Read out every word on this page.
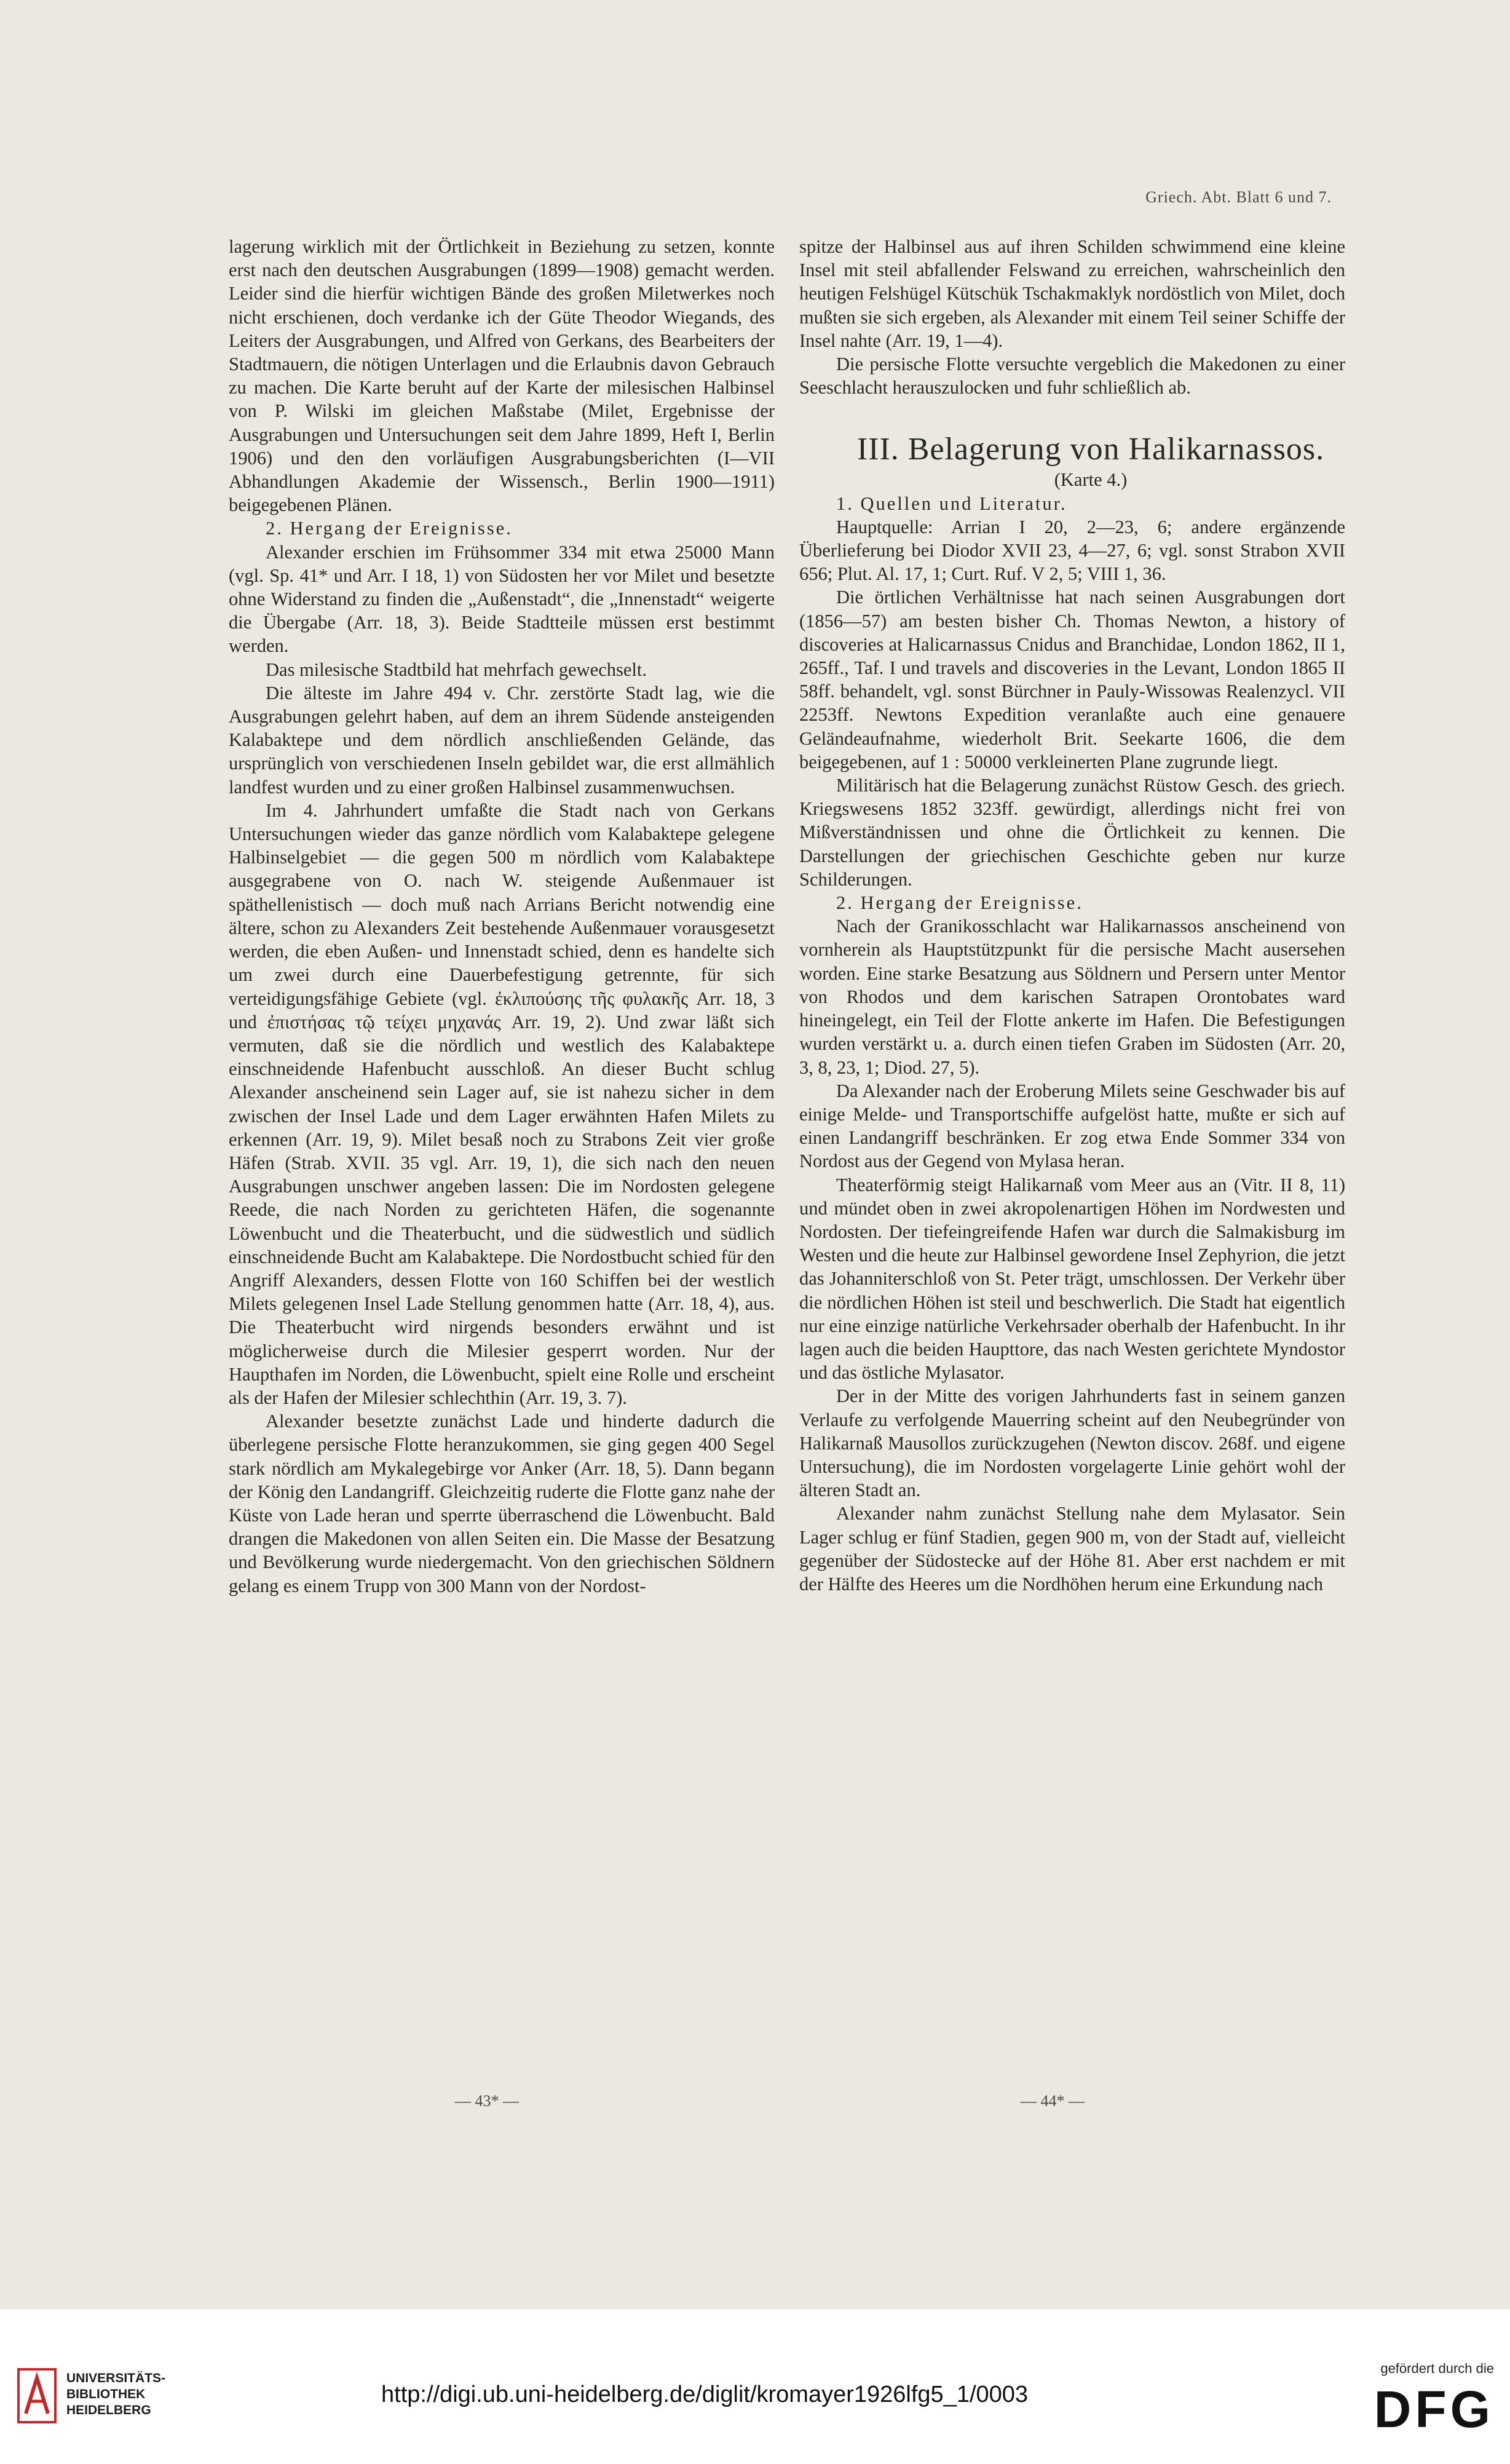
Griech. Abt. Blatt 6 und 7.

lagerung wirklich mit der Örtlichkeit in Beziehung zu setzen, konnte erst nach den deutschen Ausgrabungen (1899—1908) gemacht werden. Leider sind die hierfür wichtigen Bände des großen Miletwerkes noch nicht erschienen, doch verdanke ich der Güte Theodor Wiegands, des Leiters der Ausgrabungen, und Alfred von Gerkans, des Bearbeiters der Stadtmauern, die nötigen Unterlagen und die Erlaubnis davon Gebrauch zu machen. Die Karte beruht auf der Karte der milesischen Halbinsel von P. Wilski im gleichen Maßstabe (Milet, Ergebnisse der Ausgrabungen und Untersuchungen seit dem Jahre 1899, Heft I, Berlin 1906) und den den vorläufigen Ausgrabungsberichten (I—VII Abhandlungen Akademie der Wissensch., Berlin 1900—1911) beigegebenen Plänen.

2. Hergang der Ereignisse.

Alexander erschien im Frühsommer 334 mit etwa 25000 Mann (vgl. Sp. 41* und Arr. I 18, 1) von Südosten her vor Milet und besetzte ohne Widerstand zu finden die „Außenstadt“, die „Innenstadt“ weigerte die Übergabe (Arr. 18, 3). Beide Stadtteile müssen erst bestimmt werden.

Das milesische Stadtbild hat mehrfach gewechselt.

Die älteste im Jahre 494 v. Chr. zerstörte Stadt lag, wie die Ausgrabungen gelehrt haben, auf dem an ihrem Südende ansteigenden Kalabaktepe und dem nördlich anschließenden Gelände, das ursprünglich von verschiedenen Inseln gebildet war, die erst allmählich landfest wurden und zu einer großen Halbinsel zusammenwuchsen.

Im 4. Jahrhundert umfaßte die Stadt nach von Gerkans Untersuchungen wieder das ganze nördlich vom Kalabaktepe gelegene Halbinselgebiet — die gegen 500 m nördlich vom Kalabaktepe ausgegrabene von O. nach W. steigende Außenmauer ist späthellenistisch — doch muß nach Arrians Bericht notwendig eine ältere, schon zu Alexanders Zeit bestehende Außenmauer vorausgesetzt werden, die eben Außen- und Innenstadt schied, denn es handelte sich um zwei durch eine Dauerbefestigung getrennte, für sich verteidigungsfähige Gebiete (vgl. ἐκλιπούσης τῆς φυλακῆς Arr. 18, 3 und ἐπιστήσας τῷ τείχει μηχανάς Arr. 19, 2). Und zwar läßt sich vermuten, daß sie die nördlich und westlich des Kalabaktepe einschneidende Hafenbucht ausschloß. An dieser Bucht schlug Alexander anscheinend sein Lager auf, sie ist nahezu sicher in dem zwischen der Insel Lade und dem Lager erwähnten Hafen Milets zu erkennen (Arr. 19, 9). Milet besaß noch zu Strabons Zeit vier große Häfen (Strab. XVII. 35 vgl. Arr. 19, 1), die sich nach den neuen Ausgrabungen unschwer angeben lassen: Die im Nordosten gelegene Reede, die nach Norden zu gerichteten Häfen, die sogenannte Löwenbucht und die Theaterbucht, und die südwestlich und südlich einschneidende Bucht am Kalabaktepe. Die Nordostbucht schied für den Angriff Alexanders, dessen Flotte von 160 Schiffen bei der westlich Milets gelegenen Insel Lade Stellung genommen hatte (Arr. 18, 4), aus. Die Theaterbucht wird nirgends besonders erwähnt und ist möglicherweise durch die Milesier gesperrt worden. Nur der Haupthafen im Norden, die Löwenbucht, spielt eine Rolle und erscheint als der Hafen der Milesier schlechthin (Arr. 19, 3. 7).

Alexander besetzte zunächst Lade und hinderte dadurch die überlegene persische Flotte heranzukommen, sie ging gegen 400 Segel stark nördlich am Mykalegebirge vor Anker (Arr. 18, 5). Dann begann der König den Landangriff. Gleichzeitig ruderte die Flotte ganz nahe der Küste von Lade heran und sperrte überraschend die Löwenbucht. Bald drangen die Makedonen von allen Seiten ein. Die Masse der Besatzung und Bevölkerung wurde niedergemacht. Von den griechischen Söldnern gelang es einem Trupp von 300 Mann von der Nordost-

spitze der Halbinsel aus auf ihren Schilden schwimmend eine kleine Insel mit steil abfallender Felswand zu erreichen, wahrscheinlich den heutigen Felshügel Kütschük Tschakmaklyk nordöstlich von Milet, doch mußten sie sich ergeben, als Alexander mit einem Teil seiner Schiffe der Insel nahte (Arr. 19, 1—4).

Die persische Flotte versuchte vergeblich die Makedonen zu einer Seeschlacht herauszulocken und fuhr schließlich ab.

III. Belagerung von Halikarnassos.

(Karte 4.)

1. Quellen und Literatur.

Hauptquelle: Arrian I 20, 2—23, 6; andere ergänzende Überlieferung bei Diodor XVII 23, 4—27, 6; vgl. sonst Strabon XVII 656; Plut. Al. 17, 1; Curt. Ruf. V 2, 5; VIII 1, 36.

Die örtlichen Verhältnisse hat nach seinen Ausgrabungen dort (1856—57) am besten bisher Ch. Thomas Newton, a history of discoveries at Halicarnassus Cnidus and Branchidae, London 1862, II 1, 265ff., Taf. I und travels and discoveries in the Levant, London 1865 II 58ff. behandelt, vgl. sonst Bürchner in Pauly-Wissowas Realenzycl. VII 2253ff. Newtons Expedition veranlaßte auch eine genauere Geländeaufnahme, wiederholt Brit. Seekarte 1606, die dem beigegebenen, auf 1 : 50000 verkleinerten Plane zugrunde liegt.

Militärisch hat die Belagerung zunächst Rüstow Gesch. des griech. Kriegswesens 1852 323ff. gewürdigt, allerdings nicht frei von Mißverständnissen und ohne die Örtlichkeit zu kennen. Die Darstellungen der griechischen Geschichte geben nur kurze Schilderungen.

2. Hergang der Ereignisse.

Nach der Granikosschlacht war Halikarnassos anscheinend von vornherein als Hauptstützpunkt für die persische Macht ausersehen worden. Eine starke Besatzung aus Söldnern und Persern unter Mentor von Rhodos und dem karischen Satrapen Orontobates ward hineingelegt, ein Teil der Flotte ankerte im Hafen. Die Befestigungen wurden verstärkt u. a. durch einen tiefen Graben im Südosten (Arr. 20, 3, 8, 23, 1; Diod. 27, 5).

Da Alexander nach der Eroberung Milets seine Geschwader bis auf einige Melde- und Transportschiffe aufgelöst hatte, mußte er sich auf einen Landangriff beschränken. Er zog etwa Ende Sommer 334 von Nordost aus der Gegend von Mylasa heran.

Theaterförmig steigt Halikarnaß vom Meer aus an (Vitr. II 8, 11) und mündet oben in zwei akropolenartigen Höhen im Nordwesten und Nordosten. Der tiefeingreifende Hafen war durch die Salmakisburg im Westen und die heute zur Halbinsel gewordene Insel Zephyrion, die jetzt das Johanniterschloß von St. Peter trägt, umschlossen. Der Verkehr über die nördlichen Höhen ist steil und beschwerlich. Die Stadt hat eigentlich nur eine einzige natürliche Verkehrsader oberhalb der Hafenbucht. In ihr lagen auch die beiden Haupttore, das nach Westen gerichtete Myndostor und das östliche Mylasator.

Der in der Mitte des vorigen Jahrhunderts fast in seinem ganzen Verlaufe zu verfolgende Mauerring scheint auf den Neubegründer von Halikarnaß Mausollos zurückzugehen (Newton discov. 268f. und eigene Untersuchung), die im Nordosten vorgelagerte Linie gehört wohl der älteren Stadt an.

Alexander nahm zunächst Stellung nahe dem Mylasator. Sein Lager schlug er fünf Stadien, gegen 900 m, von der Stadt auf, vielleicht gegenüber der Südostecke auf der Höhe 81. Aber erst nachdem er mit der Hälfte des Heeres um die Nordhöhen herum eine Erkundung nach

— 43* —	— 44* —
UNIVERSITÄTS-
BIBLIOTHEK
HEIDELBERG
http://digi.ub.uni-heidelberg.de/diglit/kromayer1926lfg5_1/0003
gefördert durch die
DFG
